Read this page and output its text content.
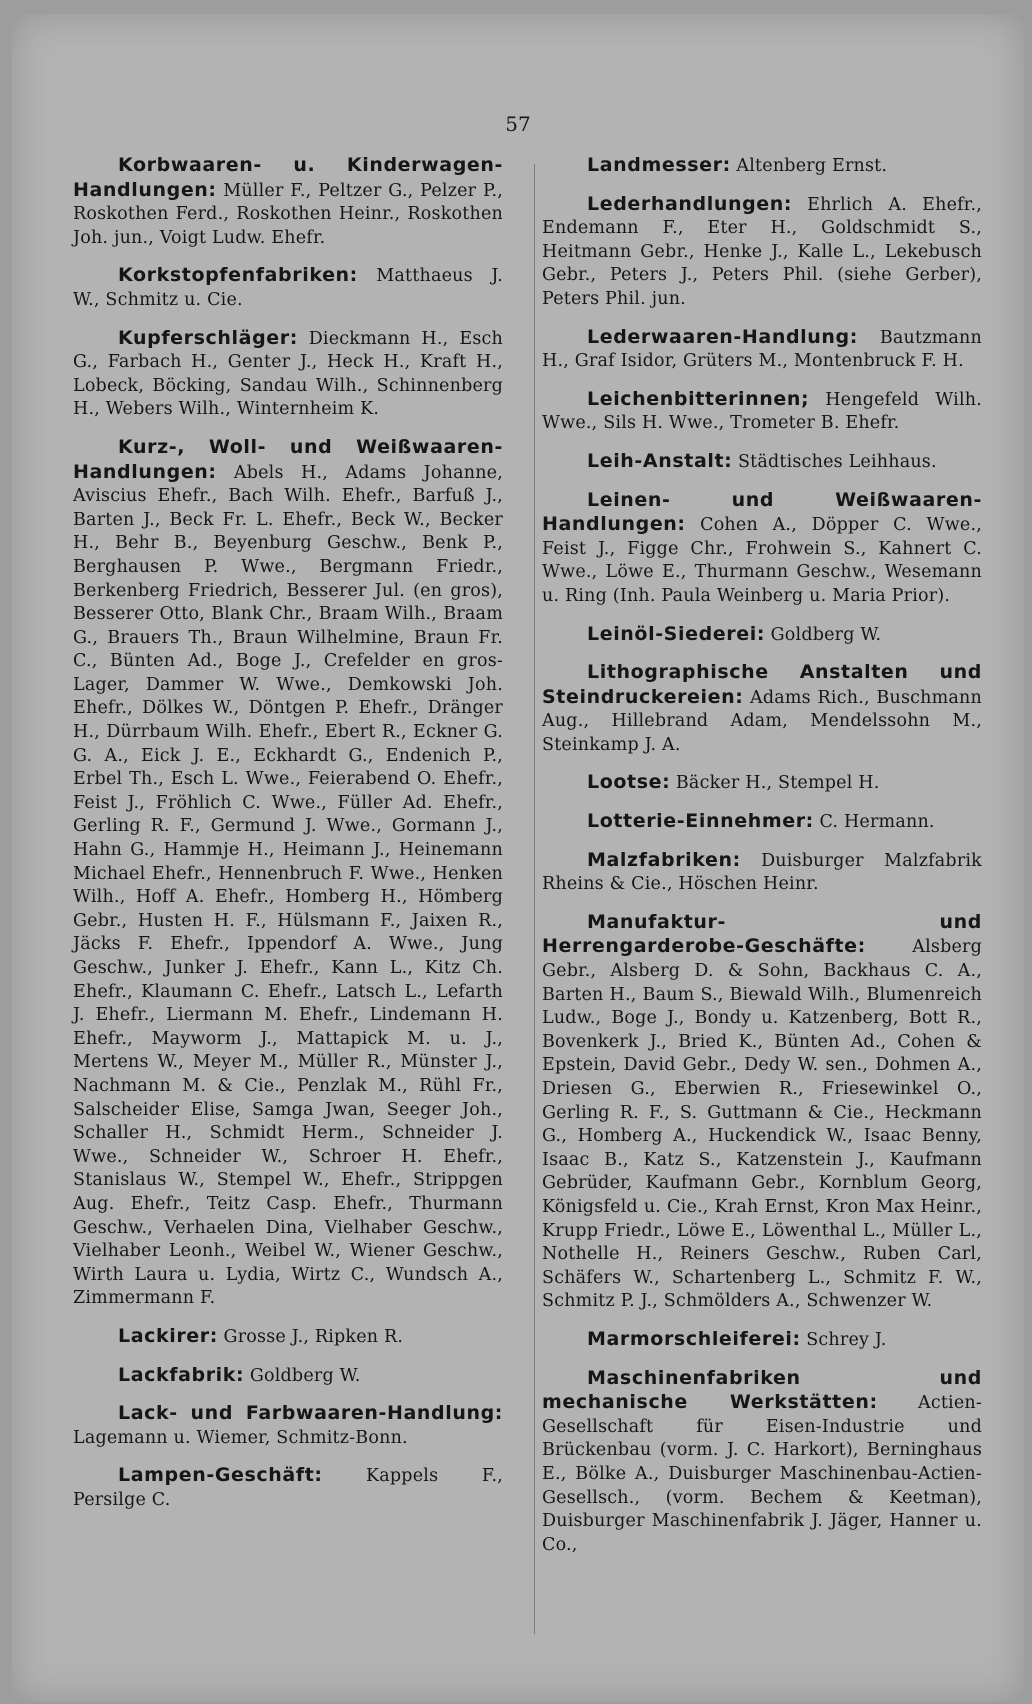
57

Korbwaaren- u. Kinderwagen-Handlungen: Müller F., Peltzer G., Pelzer P., Roskothen Ferd., Roskothen Heinr., Roskothen Joh. jun., Voigt Ludw. Ehefr.

Korkstopfenfabriken: Matthaeus J. W., Schmitz u. Cie.

Kupferschläger: Dieckmann H., Esch G., Farbach H., Genter J., Heck H., Kraft H., Lobeck, Böcking, Sandau Wilh., Schinnenberg H., Webers Wilh., Winternheim K.

Kurz-, Woll- und Weißwaaren-Handlungen: Abels H., Adams Johanne, Aviscius Ehefr., Bach Wilh. Ehefr., Barfuß J., Barten J., Beck Fr. L. Ehefr., Beck W., Becker H., Behr B., Beyenburg Geschw., Benk P., Berghausen P. Wwe., Bergmann Friedr., Berkenberg Friedrich, Besserer Jul. (en gros), Besserer Otto, Blank Chr., Braam Wilh., Braam G., Brauers Th., Braun Wilhelmine, Braun Fr. C., Bünten Ad., Boge J., Crefelder en gros-Lager, Dammer W. Wwe., Demkowski Joh. Ehefr., Dölkes W., Döntgen P. Ehefr., Dränger H., Dürrbaum Wilh. Ehefr., Ebert R., Eckner G. G. A., Eick J. E., Eckhardt G., Endenich P., Erbel Th., Esch L. Wwe., Feierabend O. Ehefr., Feist J., Fröhlich C. Wwe., Füller Ad. Ehefr., Gerling R. F., Germund J. Wwe., Gormann J., Hahn G., Hammje H., Heimann J., Heinemann Michael Ehefr., Hennenbruch F. Wwe., Henken Wilh., Hoff A. Ehefr., Homberg H., Hömberg Gebr., Husten H. F., Hülsmann F., Jaixen R., Jäcks F. Ehefr., Ippendorf A. Wwe., Jung Geschw., Junker J. Ehefr., Kann L., Kitz Ch. Ehefr., Klaumann C. Ehefr., Latsch L., Lefarth J. Ehefr., Liermann M. Ehefr., Lindemann H. Ehefr., Mayworm J., Mattapick M. u. J., Mertens W., Meyer M., Müller R., Münster J., Nachmann M. & Cie., Penzlak M., Rühl Fr., Salscheider Elise, Samga Jwan, Seeger Joh., Schaller H., Schmidt Herm., Schneider J. Wwe., Schneider W., Schroer H. Ehefr., Stanislaus W., Stempel W., Ehefr., Strippgen Aug. Ehefr., Teitz Casp. Ehefr., Thurmann Geschw., Verhaelen Dina, Vielhaber Geschw., Vielhaber Leonh., Weibel W., Wiener Geschw., Wirth Laura u. Lydia, Wirtz C., Wundsch A., Zimmermann F.

Lackirer: Grosse J., Ripken R.

Lackfabrik: Goldberg W.

Lack- und Farbwaaren-Handlung: Lagemann u. Wiemer, Schmitz-Bonn.

Lampen-Geschäft: Kappels F., Persilge C.

Landmesser: Altenberg Ernst.

Lederhandlungen: Ehrlich A. Ehefr., Endemann F., Eter H., Goldschmidt S., Heitmann Gebr., Henke J., Kalle L., Lekebusch Gebr., Peters J., Peters Phil. (siehe Gerber), Peters Phil. jun.

Lederwaaren-Handlung: Bautzmann H., Graf Isidor, Grüters M., Montenbruck F. H.

Leichenbitterinnen; Hengefeld Wilh. Wwe., Sils H. Wwe., Trometer B. Ehefr.

Leih-Anstalt: Städtisches Leihhaus.

Leinen- und Weißwaaren-Handlungen: Cohen A., Döpper C. Wwe., Feist J., Figge Chr., Frohwein S., Kahnert C. Wwe., Löwe E., Thurmann Geschw., Wesemann u. Ring (Inh. Paula Weinberg u. Maria Prior).

Leinöl-Siederei: Goldberg W.

Lithographische Anstalten und Steindruckereien: Adams Rich., Buschmann Aug., Hillebrand Adam, Mendelssohn M., Steinkamp J. A.

Lootse: Bäcker H., Stempel H.

Lotterie-Einnehmer: C. Hermann.

Malzfabriken: Duisburger Malzfabrik Rheins & Cie., Höschen Heinr.

Manufaktur- und Herrengarderobe-Geschäfte:	Alsberg Gebr., Alsberg D. & Sohn, Backhaus C. A., Barten H., Baum S., Biewald Wilh., Blumenreich Ludw., Boge J., Bondy u. Katzenberg, Bott R., Bovenkerk J., Bried K., Bünten Ad., Cohen & Epstein, David Gebr., Dedy W. sen., Dohmen A., Driesen G., Eberwien R., Friesewinkel O., Gerling R. F., S. Guttmann & Cie., Heckmann G., Homberg A., Huckendick W., Isaac Benny, Isaac B., Katz S., Katzenstein J., Kaufmann Gebrüder, Kaufmann Gebr., Kornblum Georg, Königsfeld u. Cie., Krah Ernst, Kron Max Heinr., Krupp Friedr., Löwe E., Löwenthal L., Müller L., Nothelle H., Reiners Geschw., Ruben Carl, Schäfers W., Schartenberg L., Schmitz F. W., Schmitz P. J., Schmölders A., Schwenzer W.

Marmorschleiferei: Schrey J.

Maschinenfabriken und mechanische Werkstätten: Actien-Gesellschaft für Eisen-Industrie und Brückenbau (vorm. J. C. Harkort), Berninghaus E., Bölke A., Duisburger Maschinenbau-Actien-Gesellsch., (vorm. Bechem & Keetman), Duisburger Maschinenfabrik J. Jäger, Hanner u. Co.,
